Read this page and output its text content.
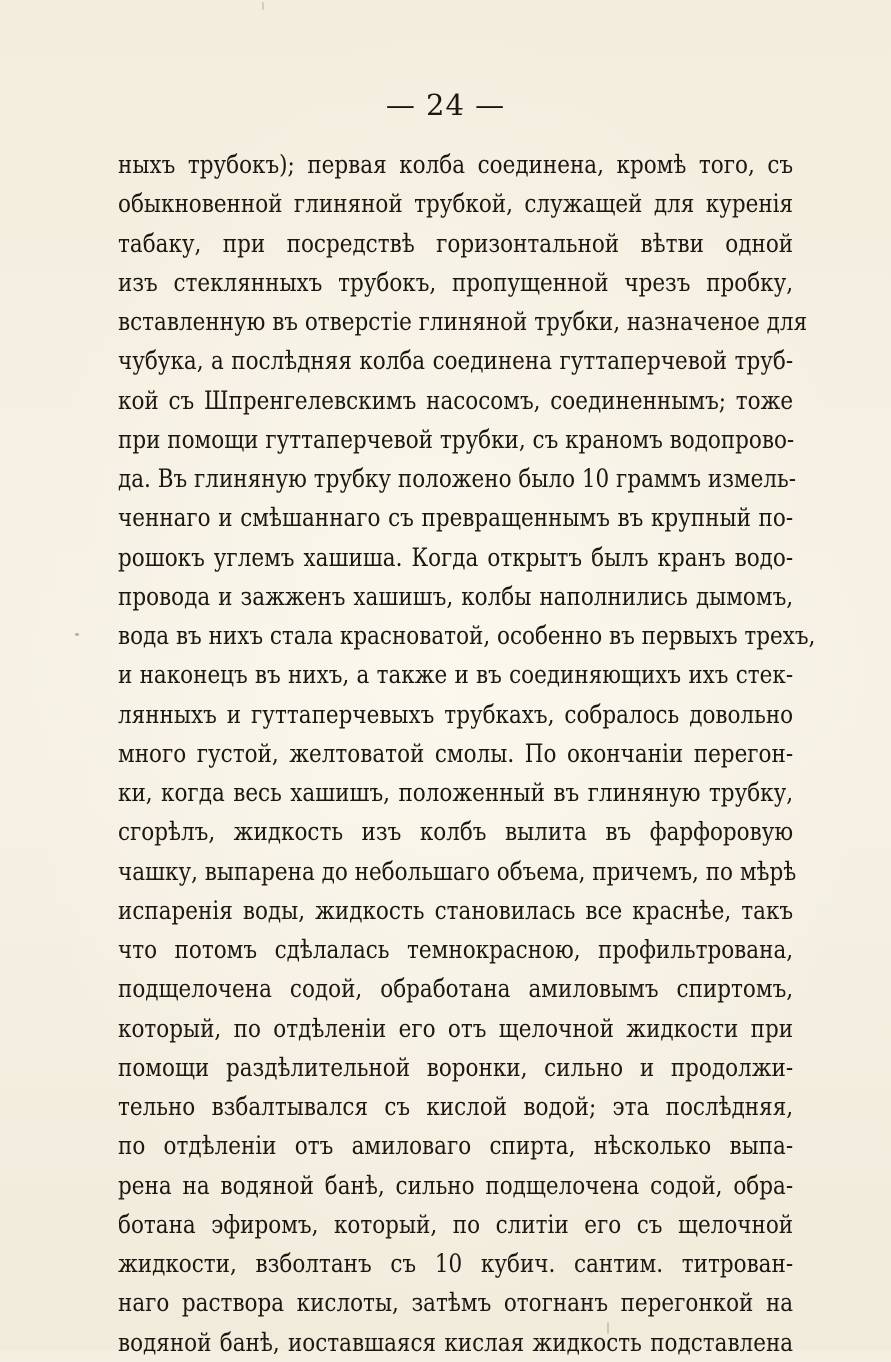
— 24 —
ныхъ трубокъ); первая колба соединена, кромѣ того, съ
обыкновенной глиняной трубкой, служащей для куренія
табаку, при посредствѣ горизонтальной вѣтви одной
изъ стеклянныхъ трубокъ, пропущенной чрезъ пробку,
вставленную въ отверстіе глиняной трубки, назначеное для
чубука, а послѣдняя колба соединена гуттаперчевой труб-
кой съ Шпренгелевскимъ насосомъ, соединеннымъ; тоже
при помощи гуттаперчевой трубки, съ краномъ водопрово-
да. Въ глиняную трубку положено было 10 граммъ измель-
ченнаго и смѣшаннаго съ превращеннымъ въ крупный по-
рошокъ углемъ хашиша. Когда открытъ былъ кранъ водо-
провода и зажженъ хашишъ, колбы наполнились дымомъ,
вода въ нихъ стала красноватой, особенно въ первыхъ трехъ,
и наконецъ въ нихъ, а также и въ соединяющихъ ихъ стек-
лянныхъ и гуттаперчевыхъ трубкахъ, собралось довольно
много густой, желтоватой смолы. По окончаніи перегон-
ки, когда весь хашишъ, положенный въ глиняную трубку,
сгорѣлъ, жидкость изъ колбъ вылита въ фарфоровую
чашку, выпарена до небольшаго объема, причемъ, по мѣрѣ
испаренія воды, жидкость становилась все краснѣе, такъ
что потомъ сдѣлалась темнокрасною, профильтрована,
подщелочена содой, обработана амиловымъ спиртомъ,
который, по отдѣленіи его отъ щелочной жидкости при
помощи раздѣлительной воронки, сильно и продолжи-
тельно взбалтывался съ кислой водой; эта послѣдняя,
по отдѣленіи отъ амиловаго спирта, нѣсколько выпа-
рена на водяной банѣ, сильно подщелочена содой, обра-
ботана эфиромъ, который, по слитіи его съ щелочной
жидкости, взболтанъ съ 10 кубич. сантим. титрован-
наго раствора кислоты, затѣмъ отогнанъ перегонкой на
водяной банѣ, иоставшаяся кислая жидкость подставлена
